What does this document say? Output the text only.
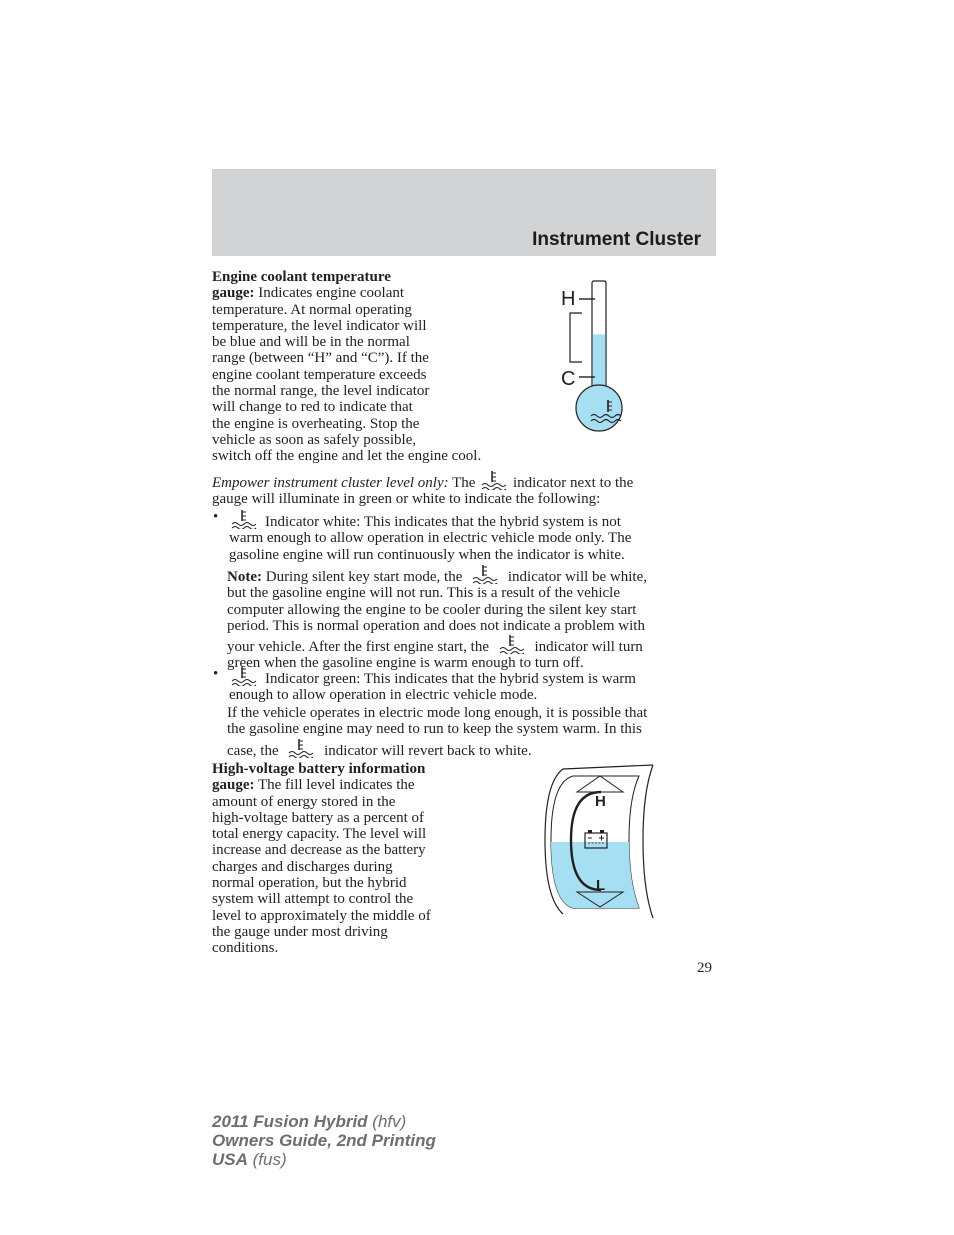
Instrument Cluster
Engine coolant temperature
gauge: Indicates engine coolant
temperature. At normal operating
temperature, the level indicator will
be blue and will be in the normal
range (between “H” and “C”). If the
engine coolant temperature exceeds
the normal range, the level indicator
will change to red to indicate that
the engine is overheating. Stop the
vehicle as soon as safely possible,
switch off the engine and let the engine cool.
H
C
Empower instrument cluster level only: The	indicator next to the
gauge will illuminate in green or white to indicate the following:
•	Indicator white: This indicates that the hybrid system is not
warm enough to allow operation in electric vehicle mode only. The
gasoline engine will run continuously when the indicator is white.
Note: During silent key start mode, the	indicator will be white,
but the gasoline engine will not run. This is a result of the vehicle
computer allowing the engine to be cooler during the silent key start
period. This is normal operation and does not indicate a problem with
your vehicle. After the first engine start, the	indicator will turn
green when the gasoline engine is warm enough to turn off.
•	Indicator green: This indicates that the hybrid system is warm
enough to allow operation in electric vehicle mode.
If the vehicle operates in electric mode long enough, it is possible that
the gasoline engine may need to run to keep the system warm. In this
case, the	indicator will revert back to white.
High-voltage battery information
gauge: The fill level indicates the
amount of energy stored in the
high-voltage battery as a percent of
total energy capacity. The level will
increase and decrease as the battery
charges and discharges during
normal operation, but the hybrid
system will attempt to control the
level to approximately the middle of
the gauge under most driving
conditions.
H
L
29
2011 Fusion Hybrid (hfv)
Owners Guide, 2nd Printing
USA (fus)
